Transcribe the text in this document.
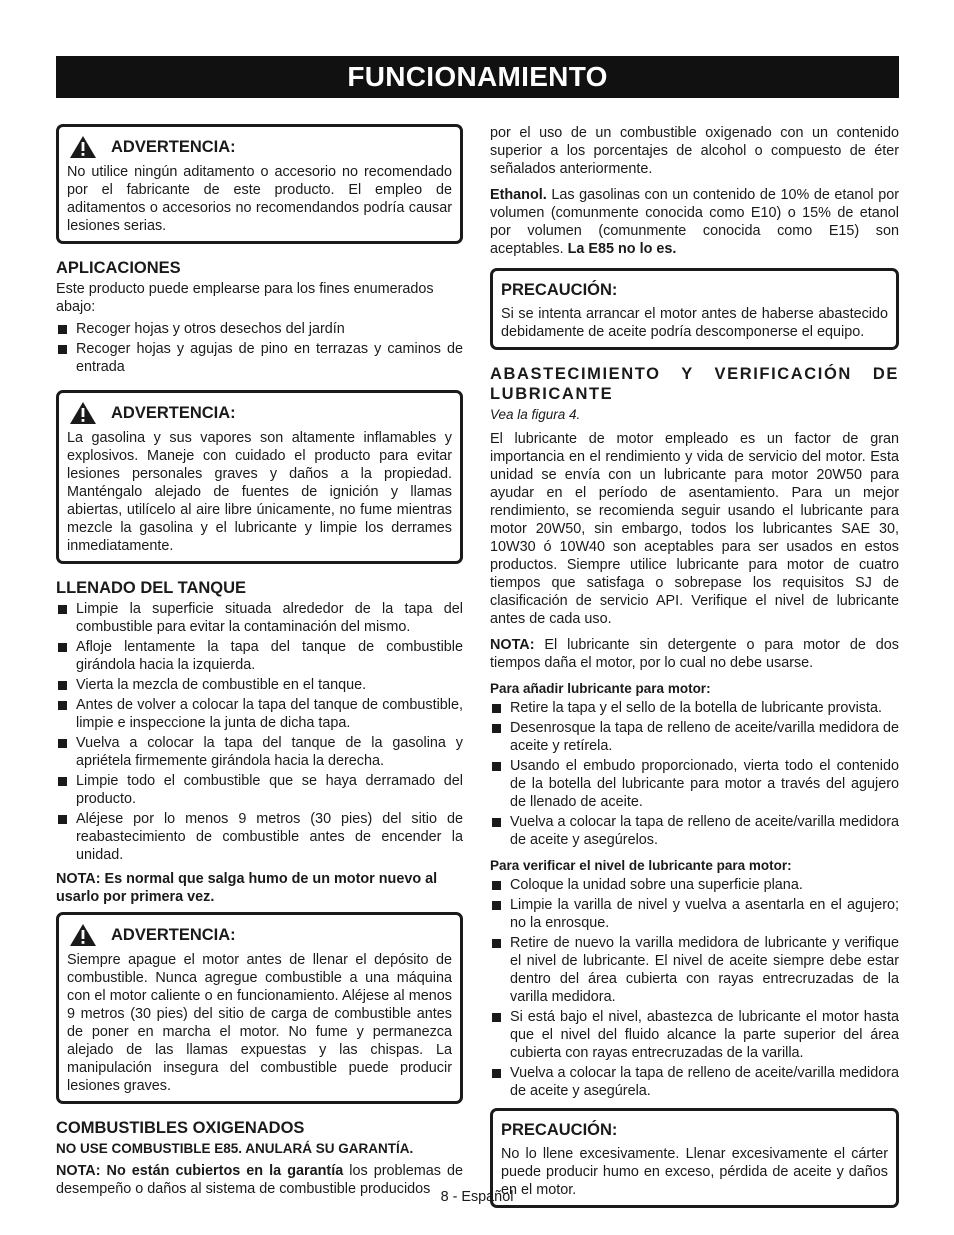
FUNCIONAMIENTO
ADVERTENCIA:

No utilice ningún aditamento o accesorio no recomendado por el fabricante de este producto. El empleo de aditamentos o accesorios no recomendandos podría causar lesiones serias.

APLICACIONES

Este producto puede emplearse para los fines enumerados abajo:

Recoger hojas y otros desechos del jardín
Recoger hojas y agujas de pino en terrazas y caminos de entrada
ADVERTENCIA:

La gasolina y sus vapores son altamente inflamables y explosivos. Maneje con cuidado el producto para evitar lesiones personales graves y daños a la propiedad. Manténgalo alejado de fuentes de ignición y llamas abiertas, utilícelo al aire libre únicamente, no fume mientras mezcle la gasolina y el lubricante y limpie los derrames inmediatamente.

LLENADO DEL TANQUE
Limpie la superficie situada alrededor de la tapa del combustible para evitar la contaminación del mismo.
Afloje lentamente la tapa del tanque de combustible girándola hacia la izquierda.
Vierta la mezcla de combustible en el tanque.
Antes de volver a colocar la tapa del tanque de combustible, limpie e inspeccione la junta de dicha tapa.
Vuelva a colocar la tapa del tanque de la gasolina y apriétela firmemente girándola hacia la derecha.
Limpie todo el combustible que se haya derramado del producto.
Aléjese por lo menos 9 metros (30 pies) del sitio de reabastecimiento de combustible antes de encender la unidad.

NOTA: Es normal que salga humo de un motor nuevo al usarlo por primera vez.

ADVERTENCIA:

Siempre apague el motor antes de llenar el depósito de combustible. Nunca agregue combustible a una máquina con el motor caliente o en funcionamiento. Aléjese al menos 9 metros (30 pies) del sitio de carga de combustible antes de poner en marcha el motor. No fume y permanezca alejado de las llamas expuestas y las chispas. La manipulación insegura del combustible puede producir lesiones graves.

COMBUSTIBLES OXIGENADOS

NO USE COMBUSTIBLE E85. ANULARÁ SU GARANTÍA.

NOTA: No están cubiertos en la garantía los problemas de desempeño o daños al sistema de combustible producidos

por el uso de un combustible oxigenado con un contenido superior a los porcentajes de alcohol o compuesto de éter señalados anteriormente.

Ethanol. Las gasolinas con un contenido de 10% de etanol por volumen (comunmente conocida como E10) o 15% de etanol por volumen (comunmente conocida como E15) son aceptables. La E85 no lo es.

PRECAUCIÓN:

Si se intenta arrancar el motor antes de haberse abastecido debidamente de aceite podría descomponerse el equipo.

ABASTECIMIENTO Y VERIFICACIÓN DE LUBRICANTE
Vea la figura 4.

El lubricante de motor empleado es un factor de gran importancia en el rendimiento y vida de servicio del motor. Esta unidad se envía con un lubricante para motor 20W50 para ayudar en el período de asentamiento. Para un mejor rendimiento, se recomienda seguir usando el lubricante para motor 20W50, sin embargo, todos los lubricantes SAE 30, 10W30 ó 10W40 son aceptables para ser usados en estos productos. Siempre utilice lubricante para motor de cuatro tiempos que satisfaga o sobrepase los requisitos SJ de clasificación de servicio API. Verifique el nivel de lubricante antes de cada uso.

NOTA: El lubricante sin detergente o para motor de dos tiempos daña el motor, por lo cual no debe usarse.

Para añadir lubricante para motor:
Retire la tapa y el sello de la botella de lubricante provista.
Desenrosque la tapa de relleno de aceite/varilla medidora de aceite y retírela.
Usando el embudo proporcionado, vierta todo el contenido de la botella del lubricante para motor a través del agujero de llenado de aceite.
Vuelva a colocar la tapa de relleno de aceite/varilla medidora de aceite y asegúrelos.
Para verificar el nivel de lubricante para motor:
Coloque la unidad sobre una superficie plana.
Limpie la varilla de nivel y vuelva a asentarla en el agujero; no la enrosque.
Retire de nuevo la varilla medidora de lubricante y verifique el nivel de lubricante. El nivel de aceite siempre debe estar dentro del área cubierta con rayas entrecruzadas de la varilla medidora.
Si está bajo el nivel, abastezca de lubricante el motor hasta que el nivel del fluido alcance la parte superior del área cubierta con rayas entrecruzadas de la varilla.
Vuelva a colocar la tapa de relleno de aceite/varilla medidora de aceite y asegúrela.
PRECAUCIÓN:

No lo llene excesivamente. Llenar excesivamente el cárter puede producir humo en exceso, pérdida de aceite y daños en el motor.

8 - Español
